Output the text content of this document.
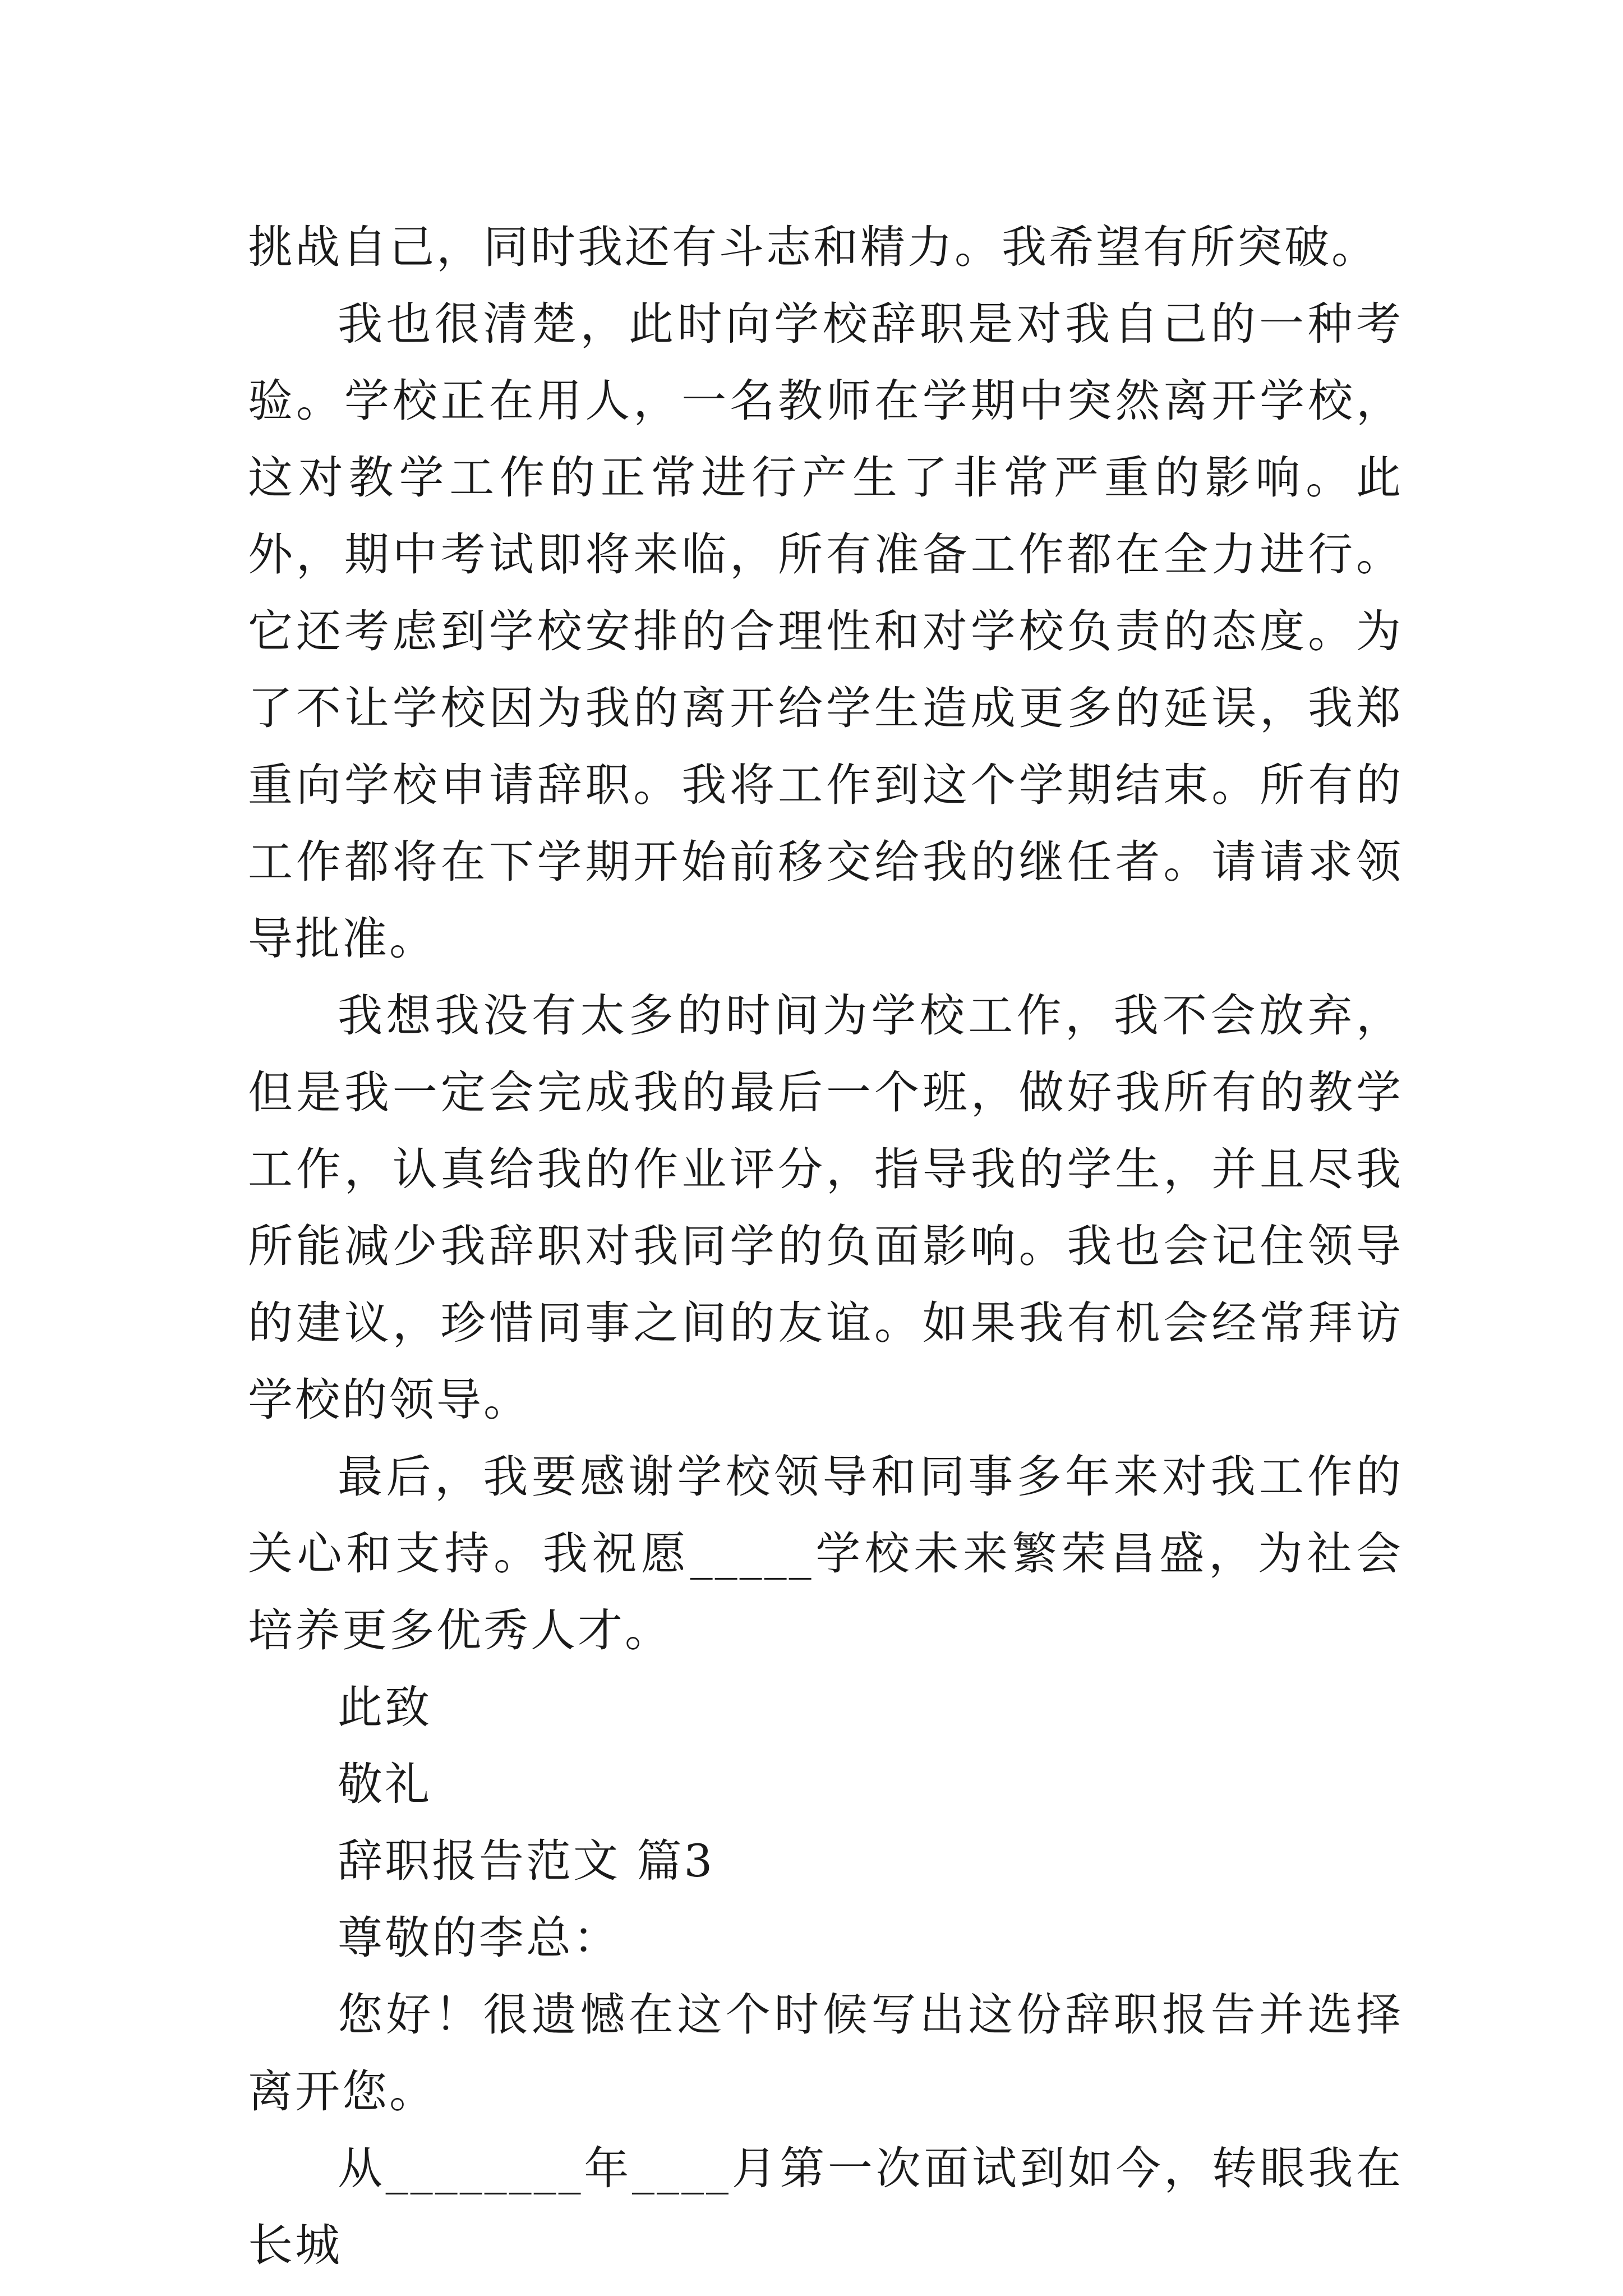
挑战自己，同时我还有斗志和精力。我希望有所突破。

我也很清楚，此时向学校辞职是对我自己的一种考验。学校正在用人，一名教师在学期中突然离开学校，这对教学工作的正常进行产生了非常严重的影响。此外，期中考试即将来临，所有准备工作都在全力进行。它还考虑到学校安排的合理性和对学校负责的态度。为了不让学校因为我的离开给学生造成更多的延误，我郑重向学校申请辞职。我将工作到这个学期结束。所有的工作都将在下学期开始前移交给我的继任者。请请求领导批准。

我想我没有太多的时间为学校工作，我不会放弃，但是我一定会完成我的最后一个班，做好我所有的教学工作，认真给我的作业评分，指导我的学生，并且尽我所能减少我辞职对我同学的负面影响。我也会记住领导的建议，珍惜同事之间的友谊。如果我有机会经常拜访学校的领导。

最后，我要感谢学校领导和同事多年来对我工作的关心和支持。我祝愿_____学校未来繁荣昌盛，为社会培养更多优秀人才。

此致

敬礼

辞职报告范文 篇3

尊敬的李总：

您好！很遗憾在这个时候写出这份辞职报告并选择离开您。

从________年____月第一次面试到如今，转眼我在长城
